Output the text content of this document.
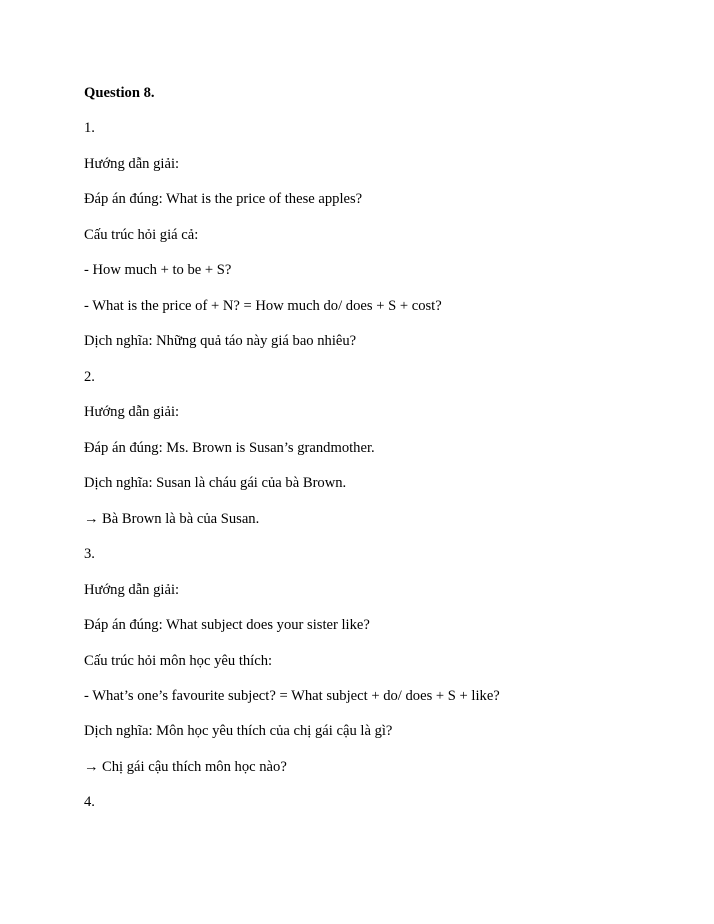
Question 8.
1.
Hướng dẫn giải:
Đáp án đúng: What is the price of these apples?
Cấu trúc hỏi giá cả:
- How much + to be + S?
- What is the price of + N? = How much do/ does + S + cost?
Dịch nghĩa: Những quả táo này giá bao nhiêu?
2.
Hướng dẫn giải:
Đáp án đúng: Ms. Brown is Susan’s grandmother.
Dịch nghĩa: Susan là cháu gái của bà Brown.
→ Bà Brown là bà của Susan.
3.
Hướng dẫn giải:
Đáp án đúng: What subject does your sister like?
Cấu trúc hỏi môn học yêu thích:
- What’s one’s favourite subject? = What subject + do/ does + S + like?
Dịch nghĩa: Môn học yêu thích của chị gái cậu là gì?
→ Chị gái cậu thích môn học nào?
4.
